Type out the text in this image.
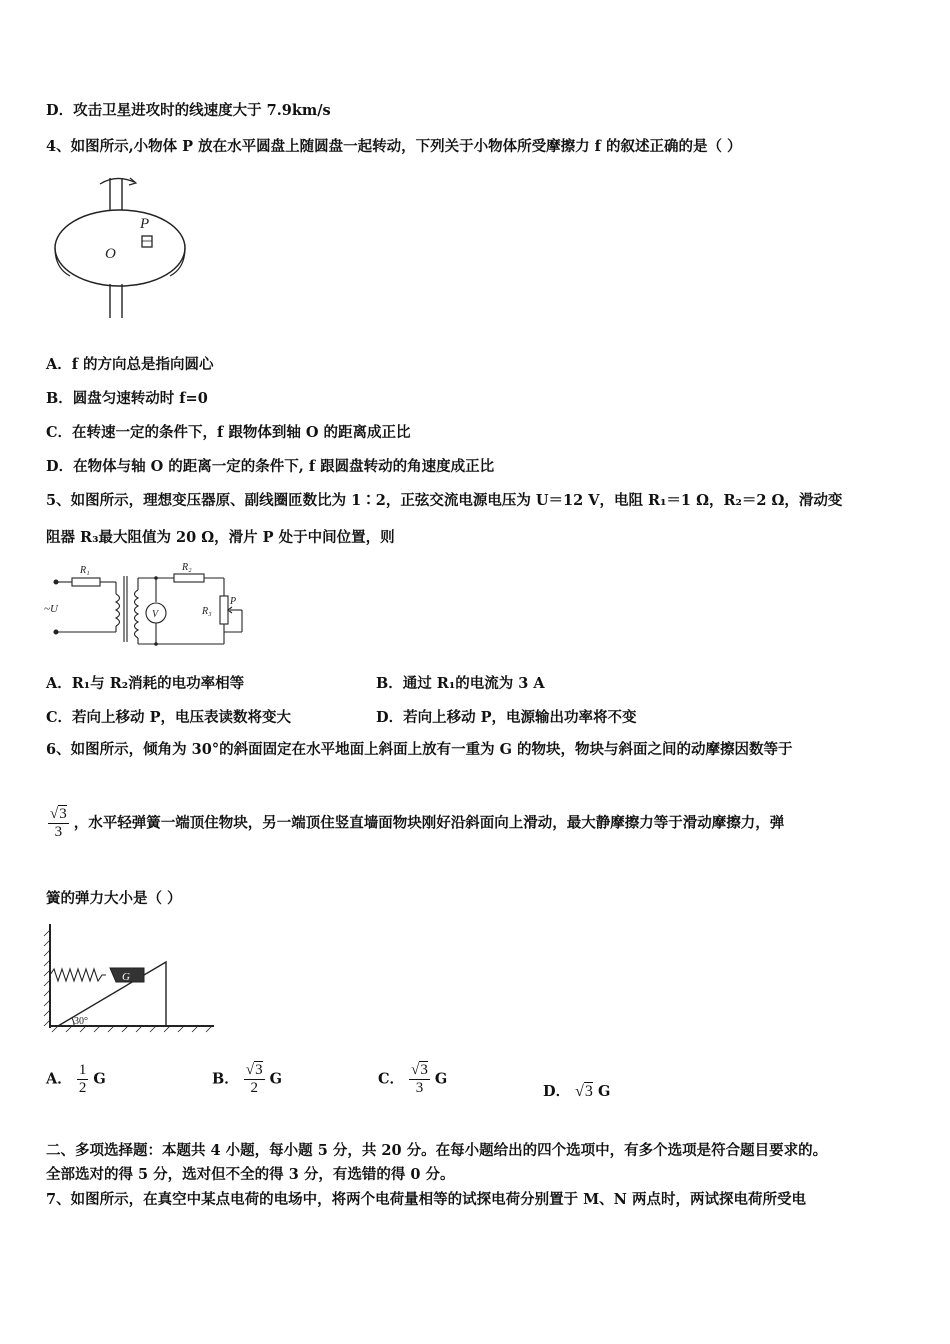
D．攻击卫星进攻时的线速度大于 7.9km/s
4、如图所示,小物体 P 放在水平圆盘上随圆盘一起转动，下列关于小物体所受摩擦力 f 的叙述正确的是（ ）
P
O
A．f 的方向总是指向圆心
B．圆盘匀速转动时 f=0
C．在转速一定的条件下，f 跟物体到轴 O 的距离成正比
D．在物体与轴 O 的距离一定的条件下, f 跟圆盘转动的角速度成正比
5、如图所示，理想变压器原、副线圈匝数比为 1∶2，正弦交流电源电压为 U＝12 V，电阻 R₁＝1 Ω，R₂＝2 Ω，滑动变
阻器 R₃最大阻值为 20 Ω，滑片 P 处于中间位置，则
R₁	R₂
R₃
P
~U	V
A．R₁与 R₂消耗的电功率相等	B．通过 R₁的电流为 3 A
C．若向上移动 P，电压表读数将变大	D．若向上移动 P，电源输出功率将不变
6、如图所示，倾角为 30°的斜面固定在水平地面上斜面上放有一重为 G 的物块，物块与斜面之间的动摩擦因数等于
$\frac{√3}{3}$ ，水平轻弹簧一端顶住物块，另一端顶住竖直墙面物块刚好沿斜面向上滑动，最大静摩擦力等于滑动摩擦力，弹
簧的弹力大小是（ ）
G
30°
A． $\frac{1}{2}$ G	B． $\frac{√3}{2}$ G	C． $\frac{√3}{3}$ G
D． √3 G
二、多项选择题：本题共 4 小题，每小题 5 分，共 20 分。在每小题给出的四个选项中，有多个选项是符合题目要求的。
全部选对的得 5 分，选对但不全的得 3 分，有选错的得 0 分。
7、如图所示，在真空中某点电荷的电场中，将两个电荷量相等的试探电荷分别置于 M、N 两点时，两试探电荷所受电
